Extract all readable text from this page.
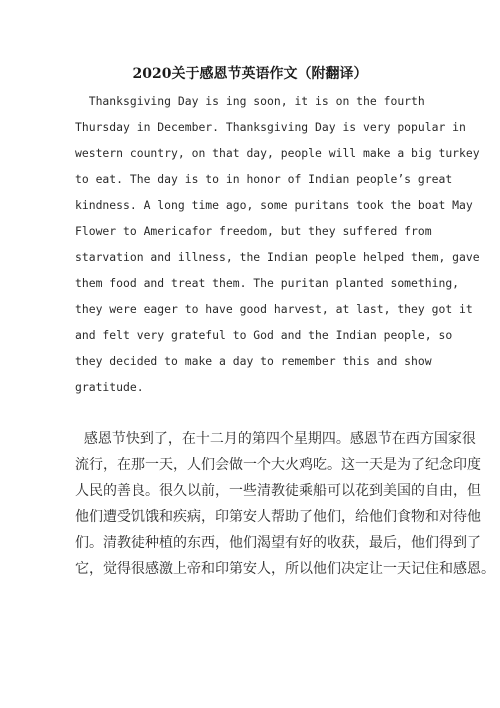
2020关于感恩节英语作文（附翻译）
Thanksgiving Day is ing soon, it is on the fourth
Thursday in December. Thanksgiving Day is very popular in
western country, on that day, people will make a big turkey
to eat. The day is to in honor of Indian people’s great
kindness. A long time ago, some puritans took the boat May
Flower to Americafor freedom, but they suffered from
starvation and illness, the Indian people helped them, gave
them food and treat them. The puritan planted something,
they were eager to have good harvest, at last, they got it
and felt very grateful to God and the Indian people, so
they decided to make a day to remember this and show
gratitude.
感恩节快到了，在十二月的第四个星期四。感恩节在西方国家很
流行，在那一天，人们会做一个大火鸡吃。这一天是为了纪念印度
人民的善良。很久以前，一些清教徒乘船可以花到美国的自由，但
他们遭受饥饿和疾病，印第安人帮助了他们，给他们食物和对待他
们。清教徒种植的东西，他们渴望有好的收获，最后，他们得到了
它，觉得很感激上帝和印第安人，所以他们决定让一天记住和感恩。
